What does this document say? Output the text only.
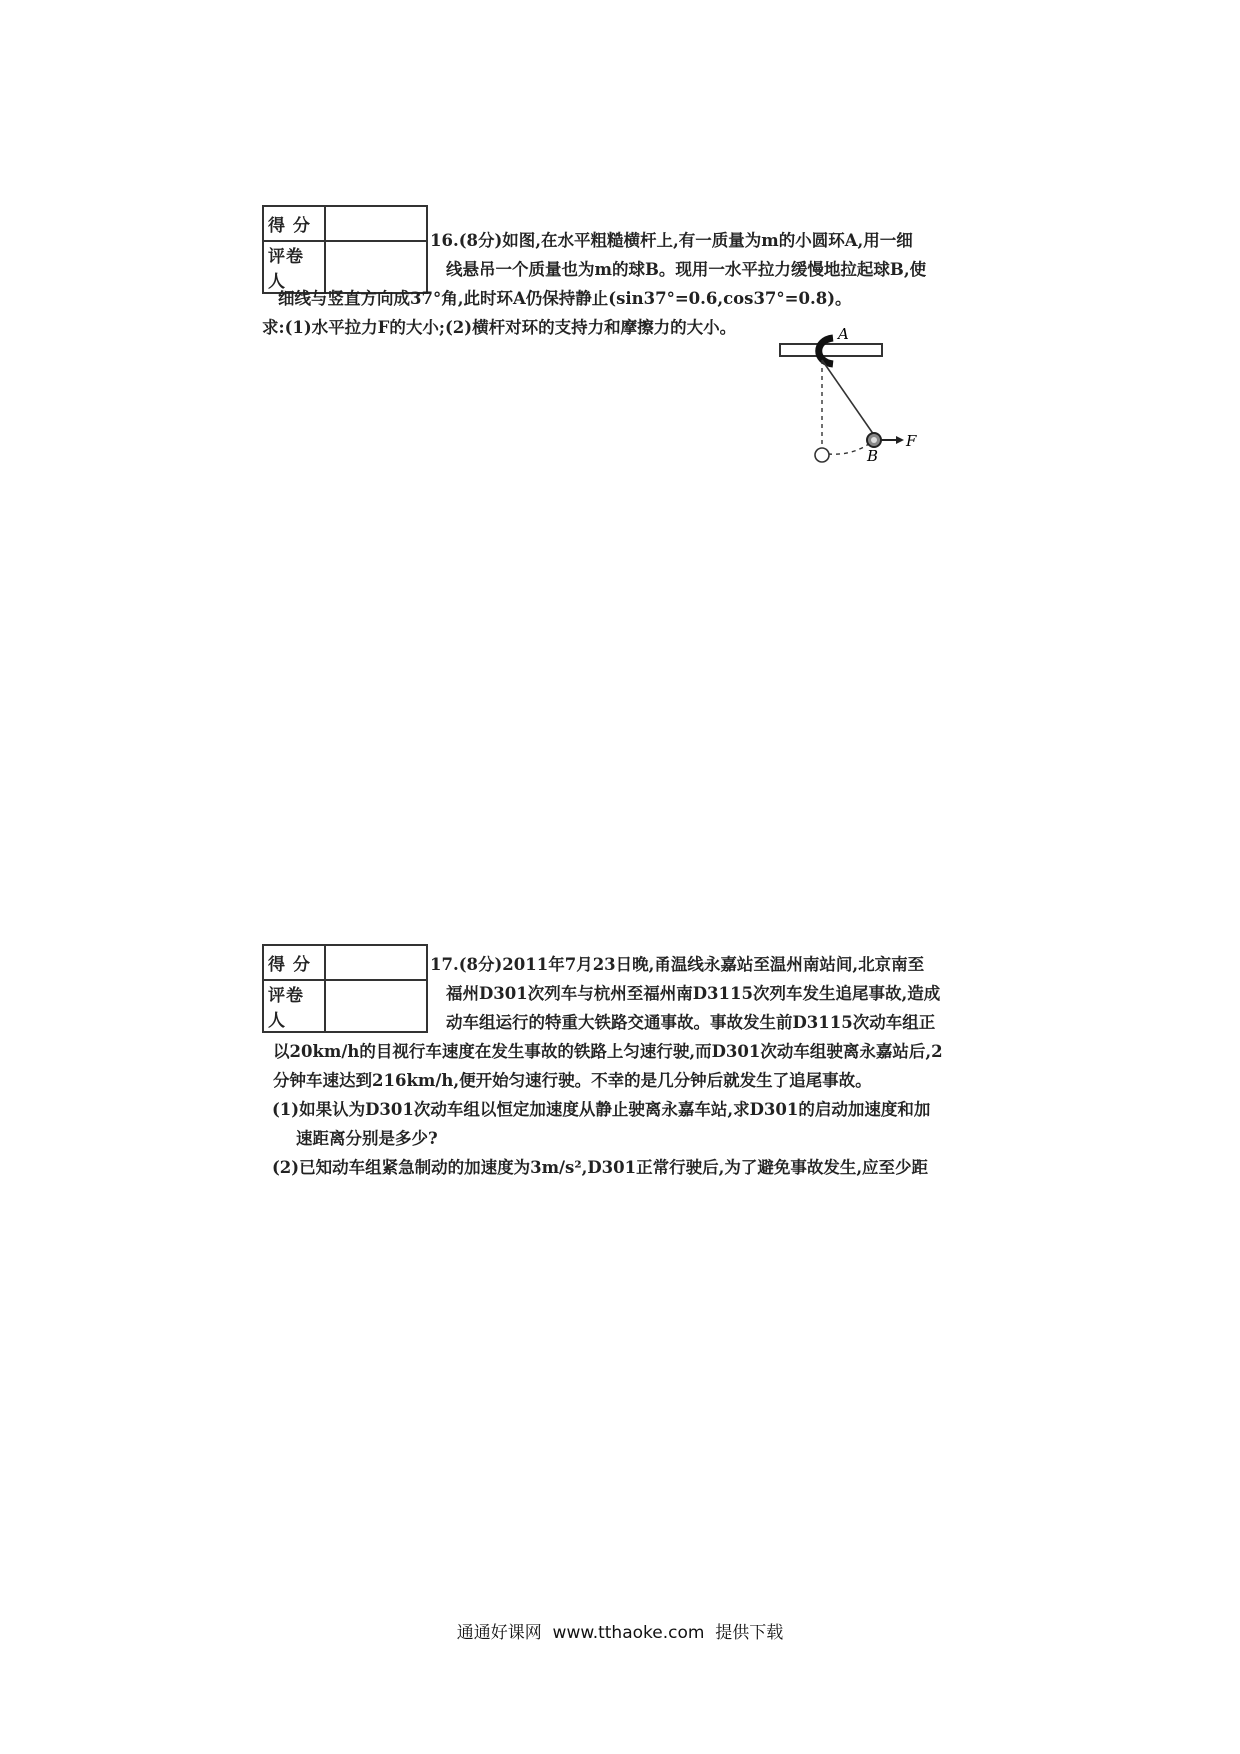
得 分	
评卷人	

16.(8分)如图,在水平粗糙横杆上,有一质量为m的小圆环A,用一细

线悬吊一个质量也为m的球B。现用一水平拉力缓慢地拉起球B,使

细线与竖直方向成37°角,此时环A仍保持静止(sin37°=0.6,cos37°=0.8)。

求:(1)水平拉力F的大小;(2)横杆对环的支持力和摩擦力的大小。	A
F
B
得 分	
评卷人	

17.(8分)2011年7月23日晚,甬温线永嘉站至温州南站间,北京南至

福州D301次列车与杭州至福州南D3115次列车发生追尾事故,造成

动车组运行的特重大铁路交通事故。事故发生前D3115次动车组正

以20km/h的目视行车速度在发生事故的铁路上匀速行驶,而D301次动车组驶离永嘉站后,2

分钟车速达到216km/h,便开始匀速行驶。不幸的是几分钟后就发生了追尾事故。

(1)如果认为D301次动车组以恒定加速度从静止驶离永嘉车站,求D301的启动加速度和加

速距离分别是多少?

(2)已知动车组紧急制动的加速度为3m/s²,D301正常行驶后,为了避免事故发生,应至少距

通通好课网  www.tthaoke.com  提供下载
